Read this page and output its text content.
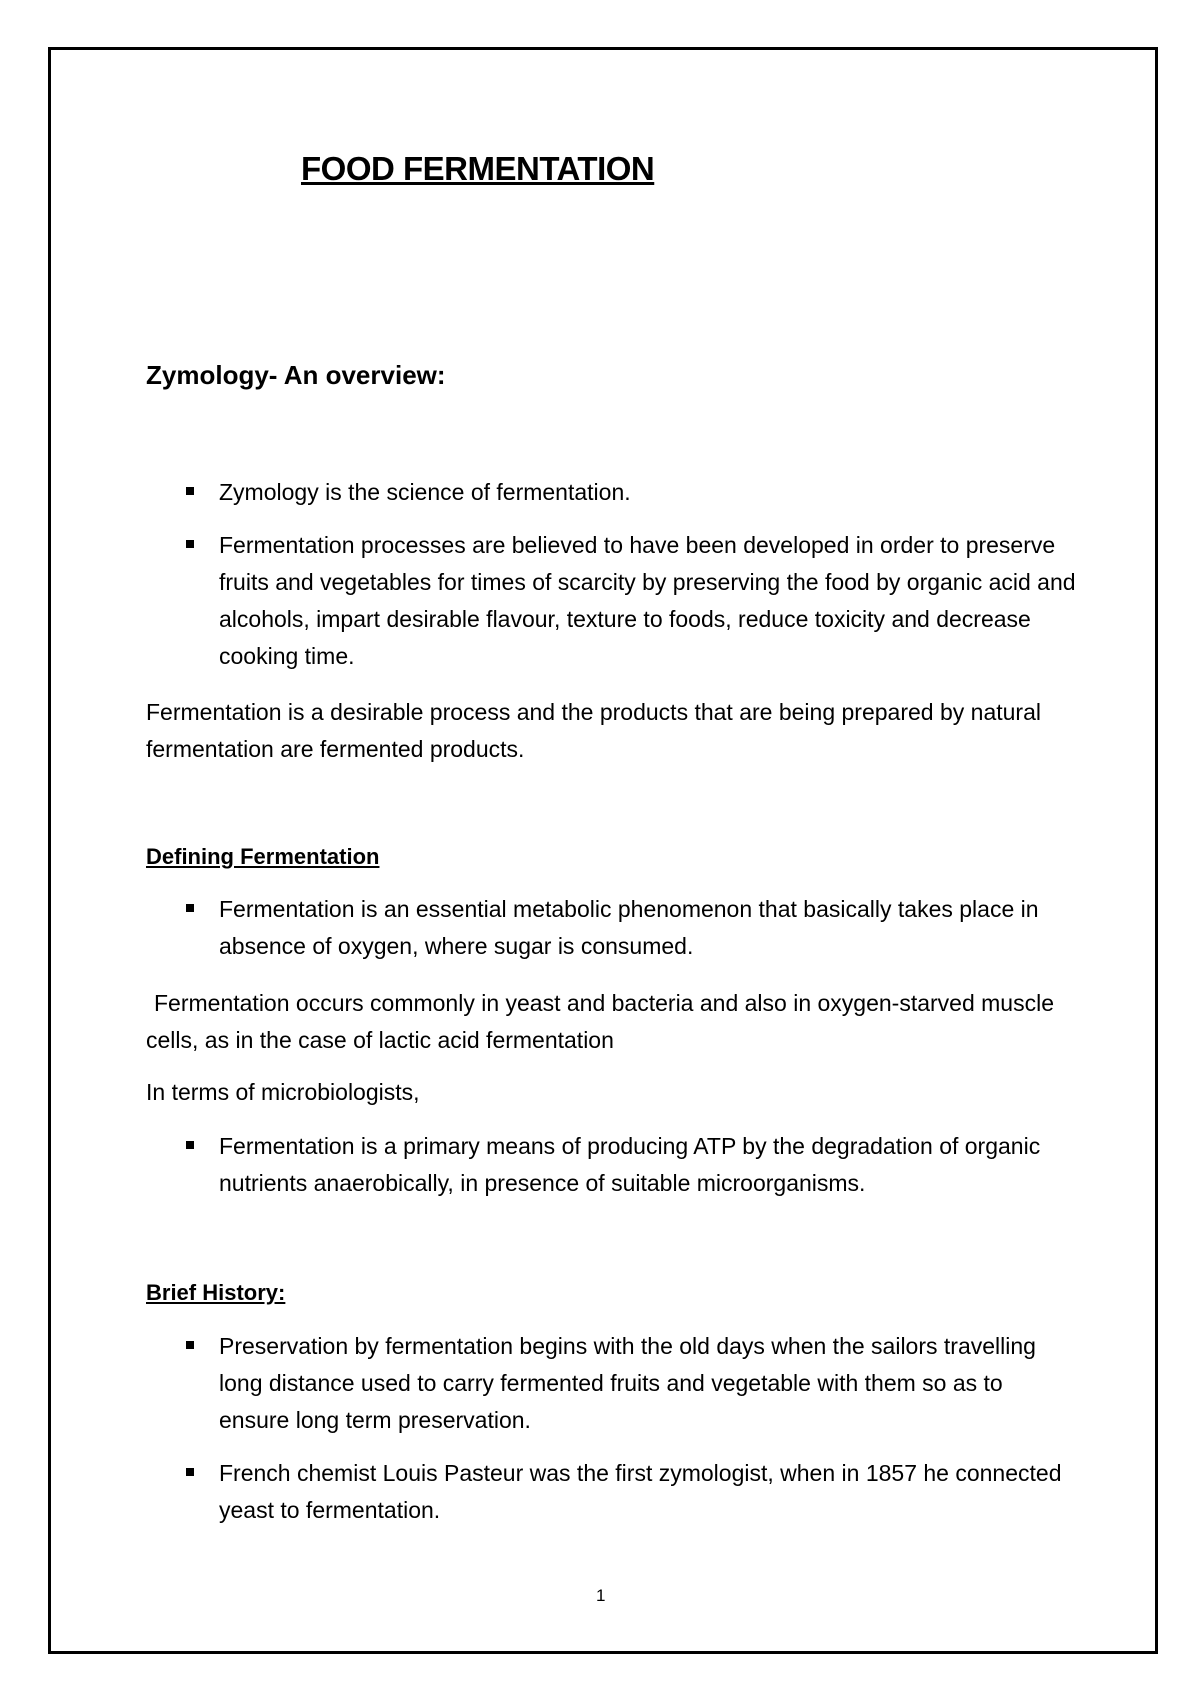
FOOD FERMENTATION
Zymology- An overview:
Zymology is the science of fermentation.
Fermentation processes are believed to have been developed in order to preserve fruits and vegetables for times of scarcity by preserving the food by organic acid and alcohols, impart desirable flavour, texture to foods, reduce toxicity and decrease cooking time.

Fermentation is a desirable process and the products that are being prepared by natural fermentation are fermented products.

Defining Fermentation
Fermentation is an essential metabolic phenomenon that basically takes place in absence of oxygen, where sugar is consumed.

Fermentation occurs commonly in yeast and bacteria and also in oxygen-starved muscle cells, as in the case of lactic acid fermentation

In terms of microbiologists,

Fermentation is a primary means of producing ATP by the degradation of organic nutrients anaerobically, in presence of suitable microorganisms.
Brief History:
Preservation by fermentation begins with the old days when the sailors travelling long distance used to carry fermented fruits and vegetable with them so as to ensure long term preservation.
French chemist Louis Pasteur was the first zymologist, when in 1857 he connected yeast to fermentation.
1
